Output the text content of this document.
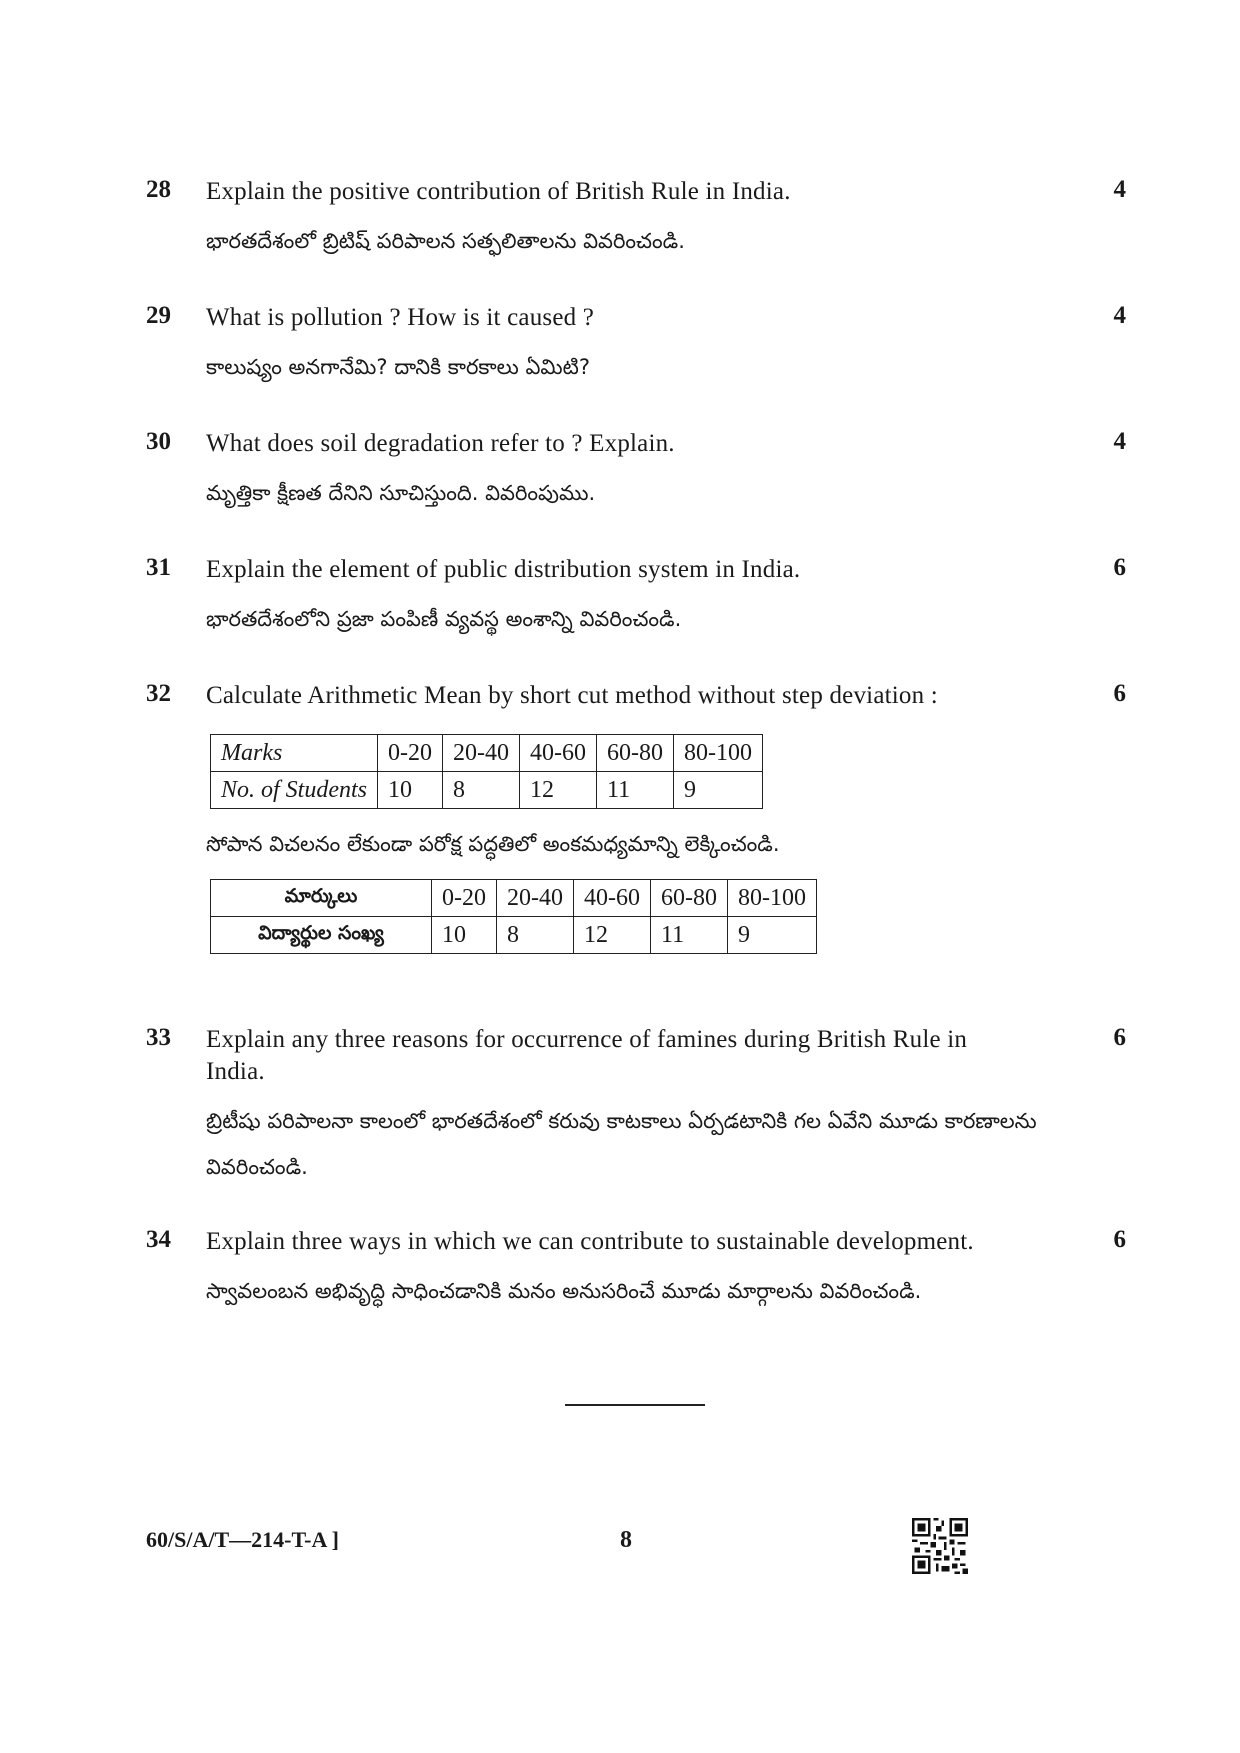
28	4
Explain the positive contribution of British Rule in India.
భారతదేశంలో బ్రిటిష్ పరిపాలన సత్ఫలితాలను వివరించండి.
29	4
What is pollution ? How is it caused ?
కాలుష్యం అనగానేమి? దానికి కారకాలు ఏమిటి?
30	4
What does soil degradation refer to ? Explain.
మృత్తికా క్షీణత దేనిని సూచిస్తుంది. వివరింపుము.
31	6
Explain the element of public distribution system in India.
భారతదేశంలోని ప్రజా పంపిణీ వ్యవస్థ అంశాన్ని వివరించండి.
32	6
Calculate Arithmetic Mean by short cut method without step deviation :
Marks	0-20	20-40	40-60	60-80	80-100
No. of Students	10	8	12	11	9
సోపాన విచలనం లేకుండా పరోక్ష పద్ధతిలో అంకమధ్యమాన్ని లెక్కించండి.
మార్కులు	0-20	20-40	40-60	60-80	80-100
విద్యార్థుల సంఖ్య	10	8	12	11	9
33	6
Explain any three reasons for occurrence of famines during British Rule in India.
బ్రిటీషు పరిపాలనా కాలంలో భారతదేశంలో కరువు కాటకాలు ఏర్పడటానికి గల ఏవేని మూడు కారణాలను వివరించండి.
34	6
Explain three ways in which we can contribute to sustainable development.
స్వావలంబన అభివృద్ధి సాధించడానికి మనం అనుసరించే మూడు మార్గాలను వివరించండి.
60/S/A/T—214-T-A ]	8
